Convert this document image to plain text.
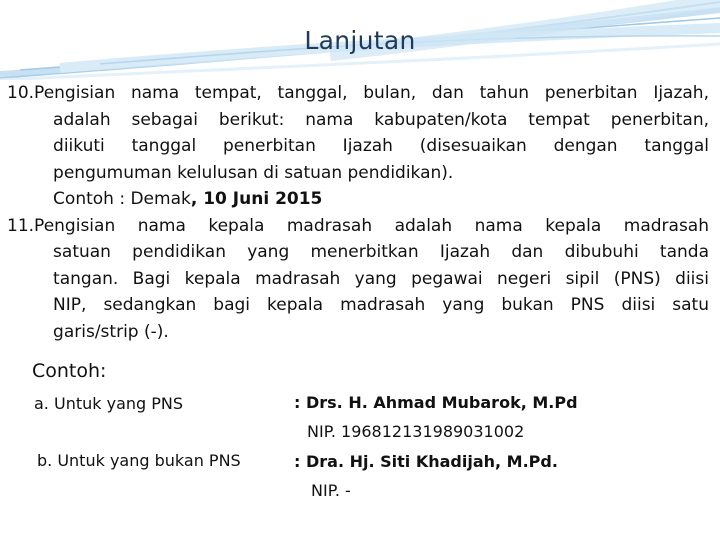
Lanjutan
10. Pengisian nama tempat, tanggal, bulan, dan tahun penerbitan Ijazah,
adalah sebagai berikut: nama kabupaten/kota tempat penerbitan,
diikuti tanggal penerbitan Ijazah (disesuaikan dengan tanggal
pengumuman kelulusan di satuan pendidikan).
Contoh : Demak, 10 Juni 2015
11. Pengisian nama kepala madrasah adalah nama kepala madrasah
satuan pendidikan yang menerbitkan Ijazah dan dibubuhi tanda
tangan. Bagi kepala madrasah yang pegawai negeri sipil (PNS) diisi
NIP, sedangkan bagi kepala madrasah yang bukan PNS diisi satu
garis/strip (-).
Contoh:
a. Untuk yang PNS	: Drs. H. Ahmad Mubarok, M.Pd
NIP. 196812131989031002
b. Untuk yang bukan PNS	: Dra. Hj. Siti Khadijah, M.Pd.
NIP. -
